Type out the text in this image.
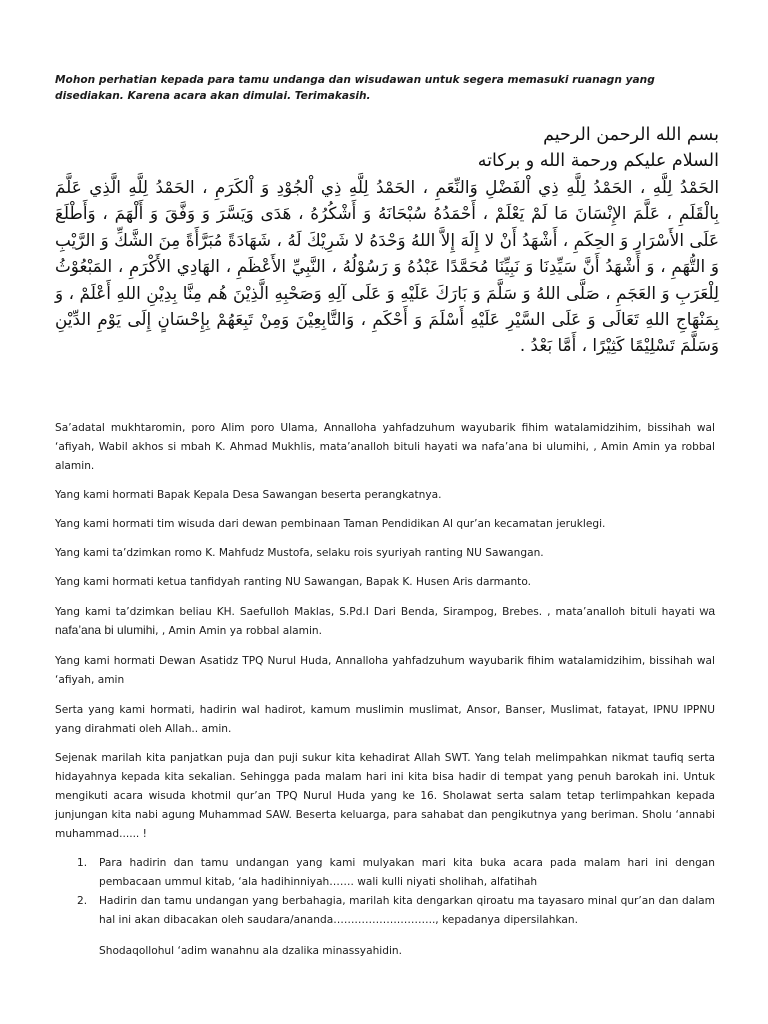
Mohon perhatian kepada para tamu undanga dan wisudawan untuk segera memasuki ruanagn yang disediakan. Karena acara akan dimulai. Terimakasih.

بسم الله الرحمن الرحيم

السلام عليكم ورحمة الله و بركاته

الحَمْدُ لِلَّهِ ، الحَمْدُ لِلَّهِ ذِي اْلفَضْلِ وَالنِّعَمِ ، الحَمْدُ لِلَّهِ ذِي اْلجُوْدِ وَ اْلكَرَمِ ، الحَمْدُ لِلَّهِ الَّذِي عَلَّمَ بِالْقَلَمِ ، عَلَّمَ الإِنْسَانَ مَا لَمْ يَعْلَمْ ، أَحْمَدُهُ سُبْحَانَهُ وَ أَشْكُرُهُ ، هَدَى وَيَسَّرَ وَ وَفَّقَ وَ أَلْهَمَ ، وَأَطْلَعَ عَلَى الأَسْرَارِ وَ الحِكَمِ ، أَشْهَدُ أَنْ لا إِلَهَ إِلاَّ اللهُ وَحْدَهُ لا شَرِيْكَ لَهُ ، شَهَادَةً مُبَرَّأَةً مِنَ الشَّكِّ وَ الرَّيْبِ وَ التُّهَمِ ، وَ أَشْهَدُ أَنَّ سَيِّدِنَا وَ نَبِيِّنَا مُحَمَّدًا عَبْدُهُ وَ رَسُوْلُهُ ، النَّبِيِّ الأَعْظَمِ ، الهَادِي الأَكْرَمِ ، المَبْعُوْثُ لِلْعَرَبِ وَ العَجَمِ ، صَلَّى اللهُ وَ سَلَّمَ وَ بَارَكَ عَلَيْهِ وَ عَلَى آلِهِ وَصَحْبِهِ الَّذِيْنَ هُم مِنَّا بِدِيْنِ اللهِ أَعْلَمْ ، وَ بِمَنْهَاجِ اللهِ تَعَالَى وَ عَلَى السَّيْرِ عَلَيْهِ أَسْلَمَ وَ أَحْكَمِ ، وَالتَّابِعِيْنَ وَمِنْ تَبِعَهُمْ بِإِحْسَانٍ إِلَى يَوْمِ الدِّيْنِ وَسَلَّمَ تَسْلِيْمًا كَثِيْرًا ، أَمَّا بَعْدُ .

Sa’adatal mukhtaromin, poro Alim poro Ulama, Annalloha yahfadzuhum wayubarik fihim watalamidzihim, bissihah wal ‘afiyah, Wabil akhos si mbah K. Ahmad Mukhlis, mata’analloh bituli hayati wa nafa’ana bi ulumihi, , Amin Amin ya robbal alamin.

Yang kami hormati Bapak Kepala Desa Sawangan beserta perangkatnya.

Yang kami hormati tim wisuda dari dewan pembinaan Taman Pendidikan Al qur’an kecamatan jeruklegi.

Yang kami ta’dzimkan romo K. Mahfudz Mustofa, selaku rois syuriyah ranting NU Sawangan.

Yang kami hormati ketua tanfidyah ranting NU Sawangan, Bapak K. Husen Aris darmanto.

Yang kami ta’dzimkan beliau KH. Saefulloh Maklas, S.Pd.I Dari Benda, Sirampog, Brebes. , mata’analloh bituli hayati wa nafa’ana bi ulumihi, , Amin Amin ya robbal alamin.

Yang kami hormati Dewan Asatidz TPQ Nurul Huda, Annalloha yahfadzuhum wayubarik fihim watalamidzihim, bissihah wal ‘afiyah, amin

Serta yang kami hormati, hadirin wal hadirot, kamum muslimin muslimat, Ansor, Banser, Muslimat, fatayat, IPNU IPPNU yang dirahmati oleh Allah.. amin.

Sejenak marilah kita panjatkan puja dan puji sukur kita kehadirat Allah SWT. Yang telah melimpahkan nikmat taufiq serta hidayahnya kepada kita sekalian. Sehingga pada malam hari ini kita bisa hadir di tempat yang penuh barokah ini. Untuk mengikuti acara wisuda khotmil qur’an TPQ Nurul Huda yang ke 16. Sholawat serta salam tetap terlimpahkan kepada junjungan kita nabi agung Muhammad SAW. Beserta keluarga, para sahabat dan pengikutnya yang beriman. Sholu ‘annabi muhammad...... !

1. Para hadirin dan tamu undangan yang kami mulyakan mari kita buka acara pada malam hari ini dengan pembacaan ummul kitab, ‘ala hadihinniyah……. wali kulli niyati sholihah, alfatihah
2. Hadirin dan tamu undangan yang berbahagia, marilah kita dengarkan qiroatu ma tayasaro minal qur’an dan dalam hal ini akan dibacakan oleh saudara/ananda……………………….., kepadanya dipersilahkan.

Shodaqollohul ‘adim wanahnu ala dzalika minassyahidin.
